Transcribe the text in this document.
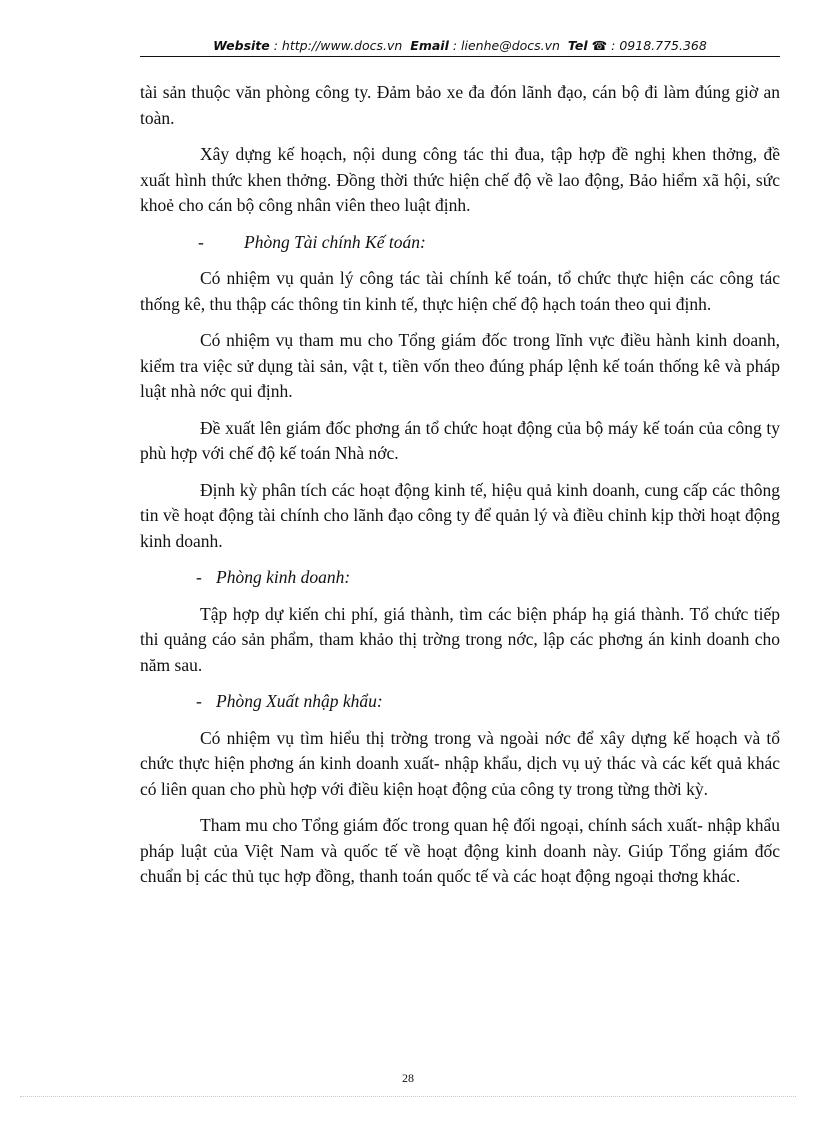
Website : http://www.docs.vn Email : lienhe@docs.vn Tel ☎ : 0918.775.368

tài sản thuộc văn phòng công ty. Đảm bảo xe đa đón lãnh đạo, cán bộ đi làm đúng giờ an toàn.

Xây dựng kế hoạch, nội dung công tác thi đua, tập hợp đề nghị khen thởng, đề xuất hình thức khen thởng. Đồng thời thức hiện chế độ về lao động, Bảo hiểm xã hội, sức khoẻ cho cán bộ công nhân viên theo luật định.

- Phòng Tài chính Kế toán:

Có nhiệm vụ quản lý công tác tài chính kế toán, tổ chức thực hiện các công tác thống kê, thu thập các thông tin kinh tế, thực hiện chế độ hạch toán theo qui định.

Có nhiệm vụ tham mu cho Tổng giám đốc trong lĩnh vực điều hành kinh doanh, kiểm tra việc sử dụng tài sản, vật t, tiền vốn theo đúng pháp lệnh kế toán thống kê và pháp luật nhà nớc qui định.

Đề xuất lên giám đốc phơng án tổ chức hoạt động của bộ máy kế toán của công ty phù hợp với chế độ kế toán Nhà nớc.

Định kỳ phân tích các hoạt động kinh tế, hiệu quả kinh doanh, cung cấp các thông tin về hoạt động tài chính cho lãnh đạo công ty để quản lý và điều chỉnh kịp thời hoạt động kinh doanh.

- Phòng kinh doanh:

Tập hợp dự kiến chi phí, giá thành, tìm các biện pháp hạ giá thành. Tổ chức tiếp thi quảng cáo sản phẩm, tham khảo thị trờng trong nớc, lập các phơng án kinh doanh cho năm sau.

- Phòng Xuất nhập khẩu:

Có nhiệm vụ tìm hiểu thị trờng trong và ngoài nớc để xây dựng kế hoạch và tổ chức thực hiện phơng án kinh doanh xuất- nhập khẩu, dịch vụ uỷ thác và các kết quả khác có liên quan cho phù hợp với điều kiện hoạt động của công ty trong từng thời kỳ.

Tham mu cho Tổng giám đốc trong quan hệ đối ngoại, chính sách xuất- nhập khẩu pháp luật của Việt Nam và quốc tế về hoạt động kinh doanh này. Giúp Tổng giám đốc chuẩn bị các thủ tục hợp đồng, thanh toán quốc tế và các hoạt động ngoại thơng khác.

28
